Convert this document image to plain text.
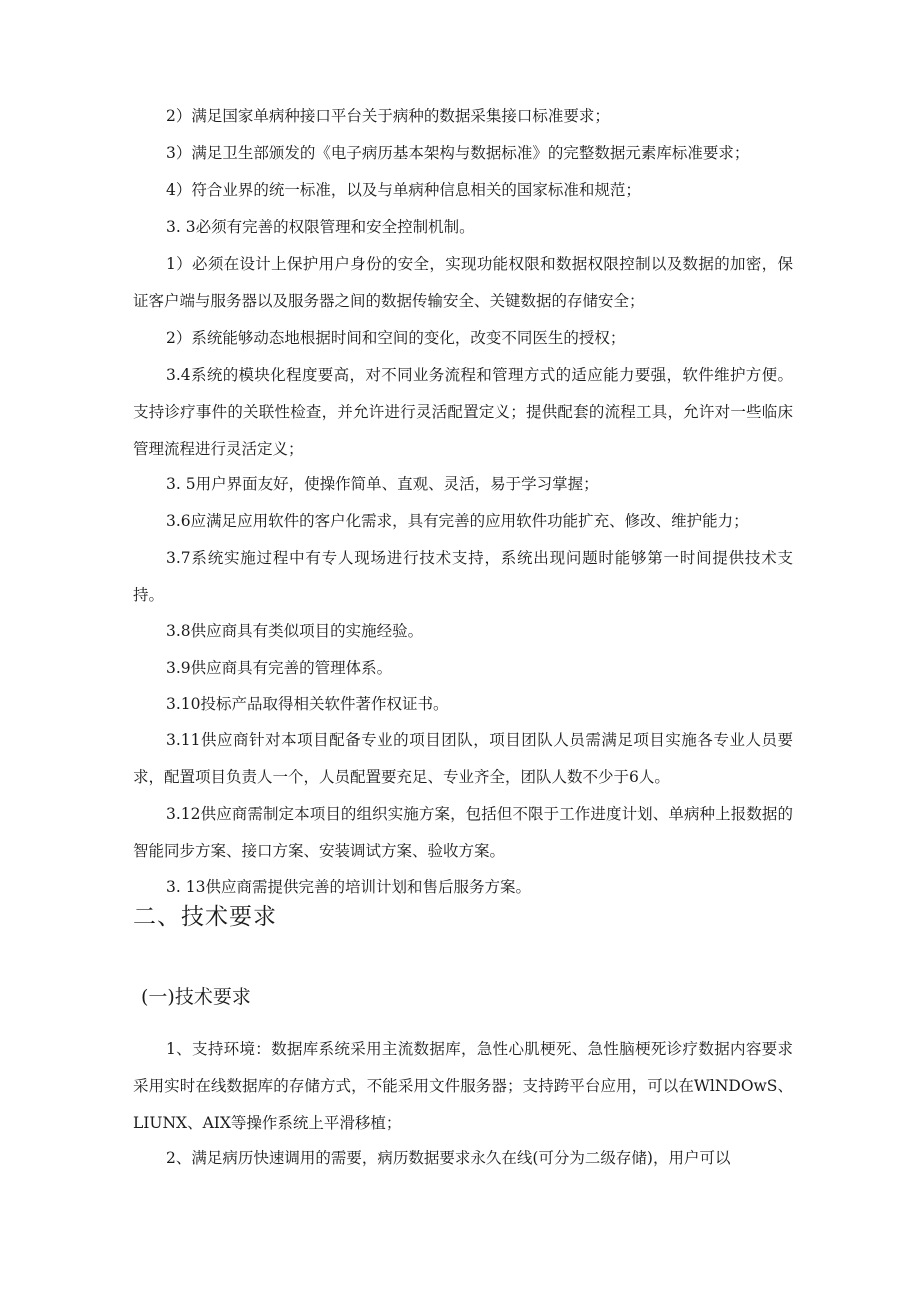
2）满足国家单病种接口平台关于病种的数据采集接口标准要求；
3）满足卫生部颁发的《电子病历基本架构与数据标准》的完整数据元素库标准要求；
4）符合业界的统一标准，以及与单病种信息相关的国家标准和规范；
3. 3必须有完善的权限管理和安全控制机制。
1）必须在设计上保护用户身份的安全，实现功能权限和数据权限控制以及数据的加密，保证客户端与服务器以及服务器之间的数据传输安全、关键数据的存储安全；
2）系统能够动态地根据时间和空间的变化，改变不同医生的授权；
3.4系统的模块化程度要高，对不同业务流程和管理方式的适应能力要强，软件维护方便。支持诊疗事件的关联性检查，并允许进行灵活配置定义；提供配套的流程工具，允许对一些临床管理流程进行灵活定义；
3. 5用户界面友好，使操作简单、直观、灵活，易于学习掌握；
3.6应满足应用软件的客户化需求，具有完善的应用软件功能扩充、修改、维护能力；
3.7系统实施过程中有专人现场进行技术支持，系统出现问题时能够第一时间提供技术支持。
3.8供应商具有类似项目的实施经验。
3.9供应商具有完善的管理体系。
3.10投标产品取得相关软件著作权证书。
3.11供应商针对本项目配备专业的项目团队，项目团队人员需满足项目实施各专业人员要求，配置项目负责人一个，人员配置要充足、专业齐全，团队人数不少于6人。
3.12供应商需制定本项目的组织实施方案，包括但不限于工作进度计划、单病种上报数据的智能同步方案、接口方案、安装调试方案、验收方案。
3. 13供应商需提供完善的培训计划和售后服务方案。
二、技术要求
(一)技术要求
1、支持环境：数据库系统采用主流数据库，急性心肌梗死、急性脑梗死诊疗数据内容要求采用实时在线数据库的存储方式，不能采用文件服务器；支持跨平台应用，可以在WlNDOwS、LIUNX、AIX等操作系统上平滑移植；
2、满足病历快速调用的需要，病历数据要求永久在线(可分为二级存储)，用户可以
